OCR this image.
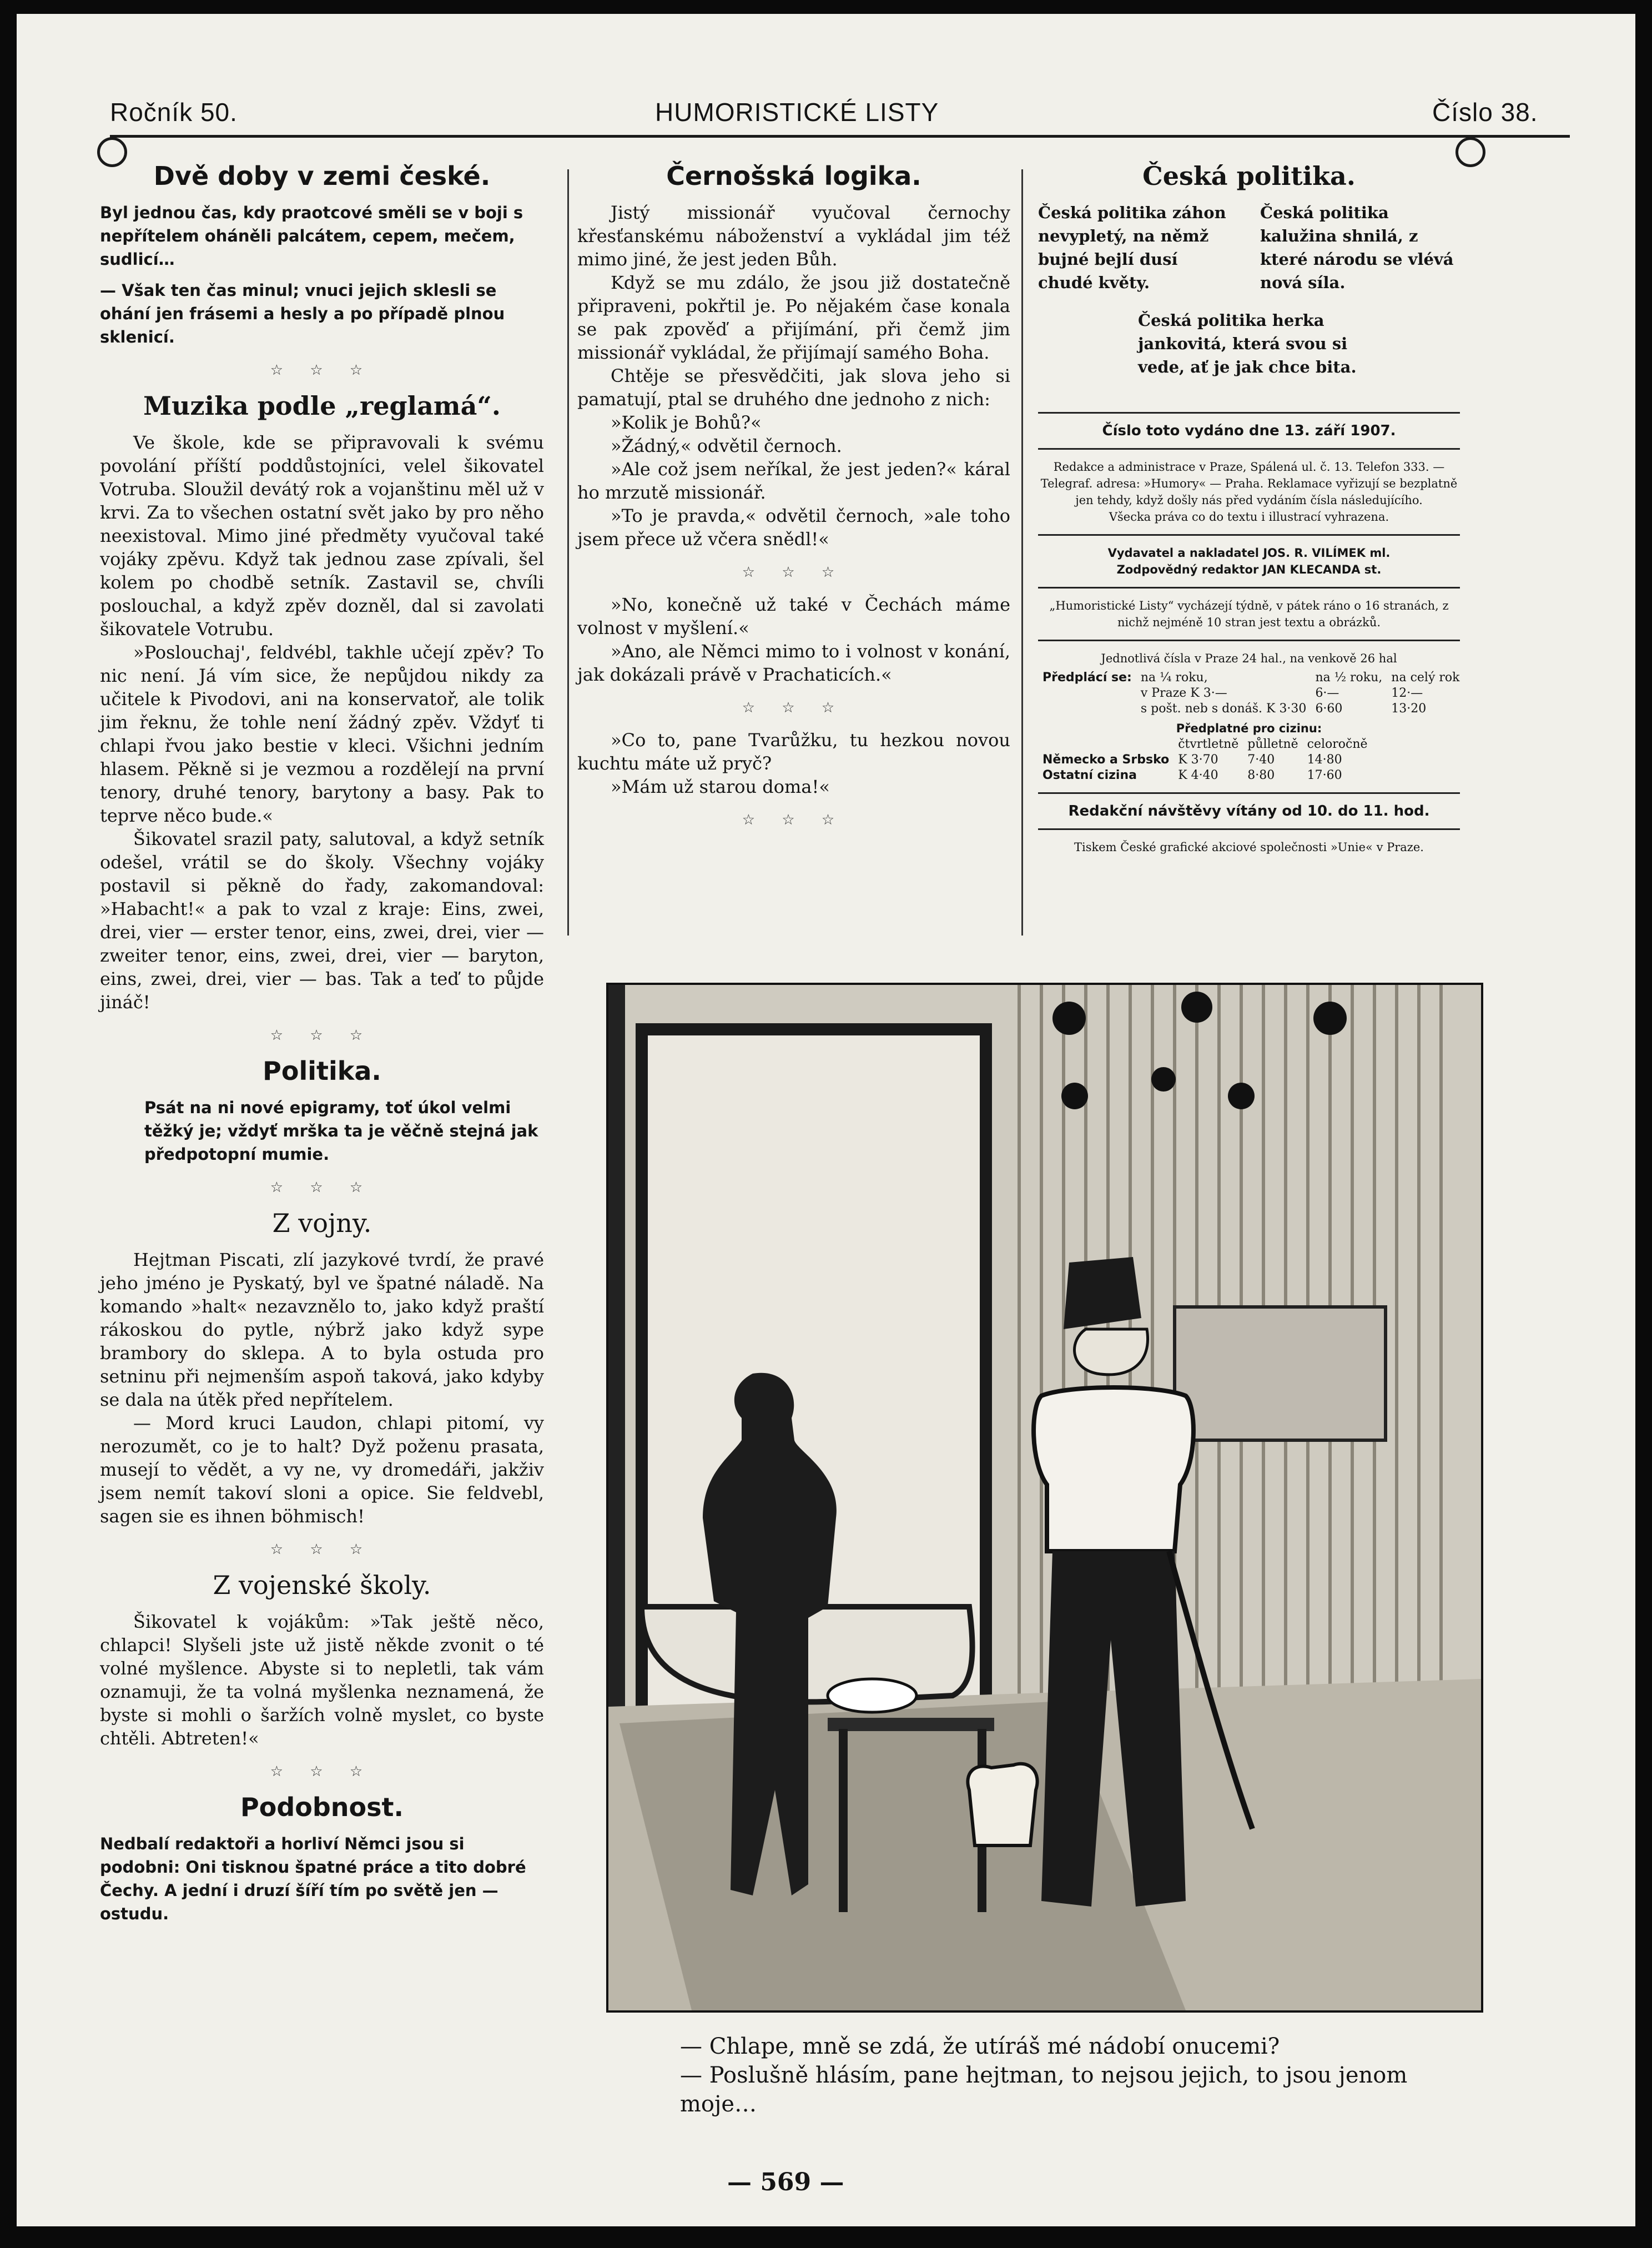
Ročník 50.	HUMORISTICKÉ LISTY	Číslo 38.
Dvě doby v zemi české.

Byl jednou čas, kdy praotcové směli se v boji s nepřítelem oháněli palcátem, cepem, mečem, sudlicí…

— Však ten čas minul; vnuci jejich sklesli se ohání jen frásemi a hesly a po případě plnou sklenicí.

☆ ☆ ☆
Muzika podle „reglamá“.

Ve škole, kde se připravovali k svému povolání příští poddůstojníci, velel šikovatel Votruba. Sloužil devátý rok a vojanštinu měl už v krvi. Za to všechen ostatní svět jako by pro něho neexistoval. Mimo jiné předměty vyučoval také vojáky zpěvu. Když tak jednou zase zpívali, šel kolem po chodbě setník. Zastavil se, chvíli poslouchal, a když zpěv dozněl, dal si zavolati šikovatele Votrubu.

»Poslouchaj', feldvébl, takhle učejí zpěv? To nic není. Já vím sice, že nepůjdou nikdy za učitele k Pivodovi, ani na konservatoř, ale tolik jim řeknu, že tohle není žádný zpěv. Vždyť ti chlapi řvou jako bestie v kleci. Všichni jedním hlasem. Pěkně si je vezmou a rozdělejí na první tenory, druhé tenory, barytony a basy. Pak to teprve něco bude.«

Šikovatel srazil paty, salutoval, a když setník odešel, vrátil se do školy. Všechny vojáky postavil si pěkně do řady, zakomandoval: »Habacht!« a pak to vzal z kraje: Eins, zwei, drei, vier — erster tenor, eins, zwei, drei, vier — zweiter tenor, eins, zwei, drei, vier — baryton, eins, zwei, drei, vier — bas. Tak a teď to půjde jináč!

☆ ☆ ☆
Politika.

Psát na ni nové epigramy, toť úkol velmi těžký je; vždyť mrška ta je věčně stejná jak předpotopní mumie.

☆ ☆ ☆
Z vojny.

Hejtman Piscati, zlí jazykové tvrdí, že pravé jeho jméno je Pyskatý, byl ve špatné náladě. Na komando »halt« nezavznělo to, jako když praští rákoskou do pytle, nýbrž jako když sype brambory do sklepa. A to byla ostuda pro setninu při nejmenším aspoň taková, jako kdyby se dala na útěk před nepřítelem.

— Mord kruci Laudon, chlapi pitomí, vy nerozumět, co je to halt? Dyž poženu prasata, musejí to vědět, a vy ne, vy dromedáři, jakživ jsem nemít takoví sloni a opice. Sie feldvebl, sagen sie es ihnen böhmisch!

☆ ☆ ☆
Z vojenské školy.

Šikovatel k vojákům: »Tak ještě něco, chlapci! Slyšeli jste už jistě někde zvonit o té volné myšlence. Abyste si to nepletli, tak vám oznamuji, že ta volná myšlenka neznamená, že byste si mohli o šaržích volně myslet, co byste chtěli. Abtreten!«

☆ ☆ ☆
Podobnost.

Nedbalí redaktoři a horliví Němci jsou si podobni: Oni tisknou špatné práce a tito dobré Čechy. A jední i druzí šíří tím po světě jen — ostudu.

Černošská logika.

Jistý missionář vyučoval černochy křesťanskému náboženství a vykládal jim též mimo jiné, že jest jeden Bůh.

Když se mu zdálo, že jsou již dostatečně připraveni, pokřtil je. Po nějakém čase konala se pak zpověď a přijímání, při čemž jim missionář vykládal, že přijímají samého Boha.

Chtěje se přesvědčiti, jak slova jeho si pamatují, ptal se druhého dne jednoho z nich:

»Kolik je Bohů?«

»Žádný,« odvětil černoch.

»Ale což jsem neříkal, že jest jeden?« káral ho mrzutě missionář.

»To je pravda,« odvětil černoch, »ale toho jsem přece už včera snědl!«

☆ ☆ ☆

»No, konečně už také v Čechách máme volnost v myšlení.«

»Ano, ale Němci mimo to i volnost v konání, jak dokázali právě v Prachaticích.«

☆ ☆ ☆

»Co to, pane Tvarůžku, tu hezkou novou kuchtu máte už pryč?

»Mám už starou doma!«

☆ ☆ ☆
Česká politika.

Česká politika záhon nevypletý, na němž bujné bejlí dusí chudé květy.

Česká politika kalužina shnilá, z které národu se vlévá nová síla.

Česká politika herka jankovitá, která svou si vede, ať je jak chce bita.

Číslo toto vydáno dne 13. září 1907.

Redakce a administrace v Praze, Spálená ul. č. 13. Telefon 333. — Telegraf. adresa: »Humory« — Praha. Reklamace vyřizují se bezplatně jen tehdy, když došly nás před vydáním čísla následujícího.

Všecka práva co do textu i illustrací vyhrazena.

Vydavatel a nakladatel JOS. R. VILÍMEK ml.

Zodpovědný redaktor JAN KLECANDA st.

„Humoristické Listy“ vycházejí týdně, v pátek ráno o 16 stranách, z nichž nejméně 10 stran jest textu a obrázků.

Jednotlivá čísla v Praze 24 hal., na venkově 26 hal

Předplácí se:	na ¼ roku,	na ½ roku,	na celý rok
	v Praze K 3·—	6·—	12·—
	s pošt. neb s donáš. K 3·30	6·60	13·20

Předplatné pro cizinu:

	čtvrtletně	půlletně	celoročně
Německo a Srbsko	K 3·70	7·40	14·80
Ostatní cizina	K 4·40	8·80	17·60

Redakční návštěvy vítány od 10. do 11. hod.

Tiskem České grafické akciové společnosti »Unie« v Praze.

— Chlape, mně se zdá, že utíráš mé nádobí onucemi?
— Poslušně hlásím, pane hejtman, to nejsou jejich, to jsou jenom moje…
— 569 —
